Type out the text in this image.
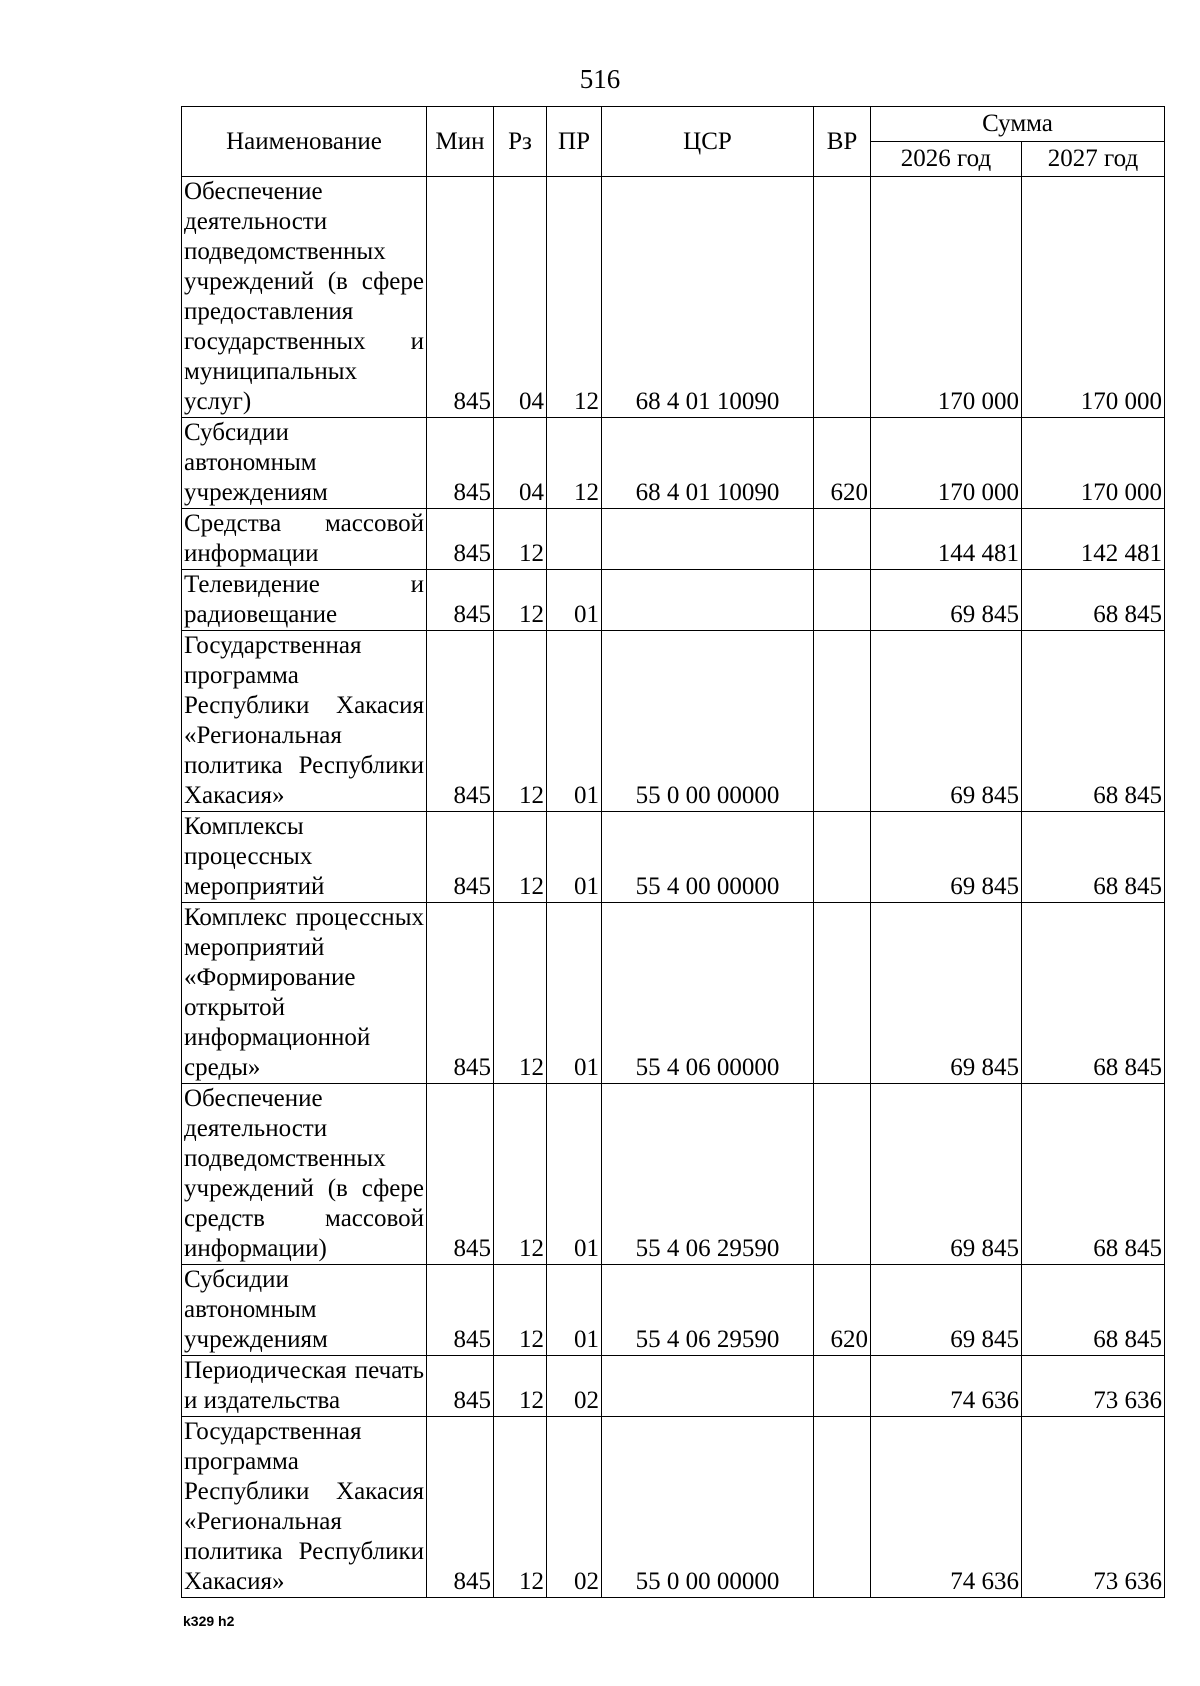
516
Наименование	Мин	Рз	ПР	ЦСР	ВР	Сумма	
						2026 год	2027 год
Обеспечение деятельности подведомственных учреждений (в сфере предоставления государственных и муниципальных услуг)	845	04	12	68 4 01 10090		170 000	170 000
Субсидии автономным учреждениям	845	04	12	68 4 01 10090	620	170 000	170 000
Средства массовой информации	845	12				144 481	142 481
Телевидение и радиовещание	845	12	01			69 845	68 845
Государственная программа Республики Хакасия «Региональная политика Республики Хакасия»	845	12	01	55 0 00 00000		69 845	68 845
Комплексы процессных мероприятий	845	12	01	55 4 00 00000		69 845	68 845
Комплекс процессных мероприятий «Формирование открытой информационной среды»	845	12	01	55 4 06 00000		69 845	68 845
Обеспечение деятельности подведомственных учреждений (в сфере средств массовой информации)	845	12	01	55 4 06 29590		69 845	68 845
Субсидии автономным учреждениям	845	12	01	55 4 06 29590	620	69 845	68 845
Периодическая печать и издательства	845	12	02			74 636	73 636
Государственная программа Республики Хакасия «Региональная политика Республики Хакасия»	845	12	02	55 0 00 00000		74 636	73 636
k329 h2
